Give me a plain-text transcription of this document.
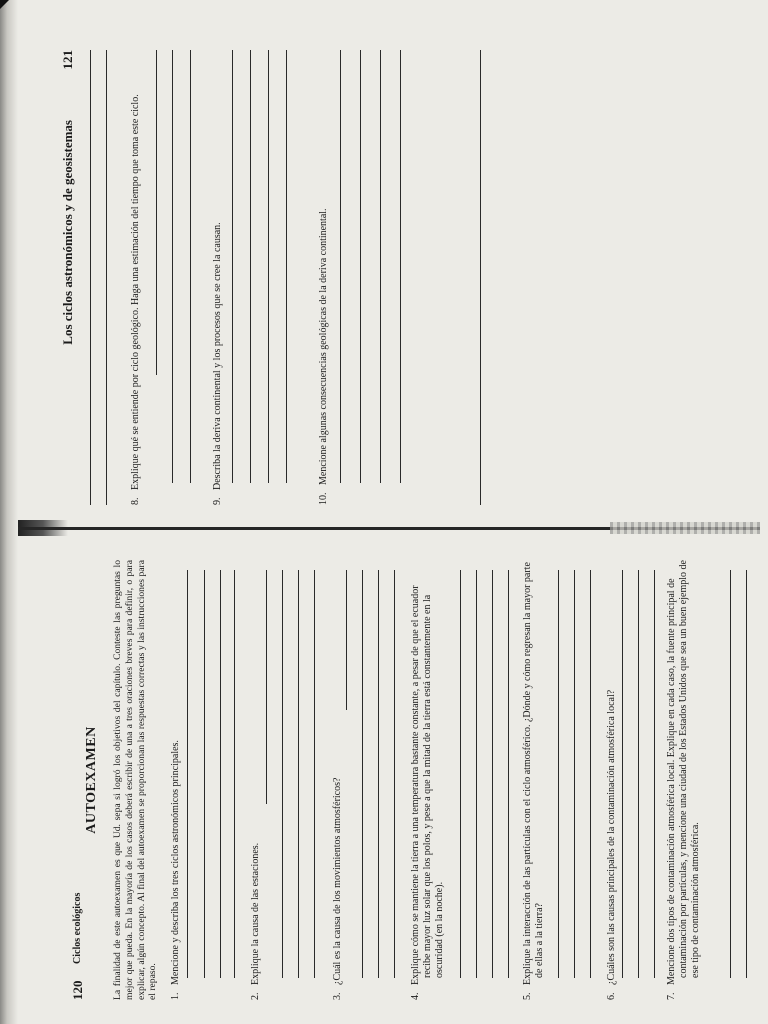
120
Ciclos ecológicos
AUTOEXAMEN La finalidad de este autoexamen es que Ud. sepa si logró los objetivos del capítulo. Conteste las preguntas lo mejor que pueda. En la mayoría de los casos deberá escribir de una a tres oraciones breves para definir, o para explicar, algún concepto. Al final del autoexamen se proporcionan las respuestas correctas y las instrucciones para el repaso. 1.   Mencione y describa los tres ciclos astronómicos principales.
2.   Explique la causa de las estaciones.
3.   ¿Cuál es la causa de los movimientos atmosféricos?
4.   Explique cómo se mantiene la tierra a una temperatura bastante constante, a pesar de que el ecuador recibe mayor luz solar que los polos, y pese a que la mitad de la tierra está constantemente en la oscuridad (en la noche).
5.   Explique la interacción de las partículas con el ciclo atmosférico. ¿Dónde y cómo regresan la mayor parte de ellas a la tierra?
6.   ¿Cuáles son las causas principales de la contaminación atmosférica local?
7.   Mencione dos tipos de contaminación atmosférica local. Explique en cada caso, la fuente principal de contaminación por partículas, y mencione una ciudad de los Estados Unidos que sea un buen ejemplo de ese tipo de contaminación atmosférica.
Los ciclos astronómicos y de geosistemas
121
8.   Explique qué se entiende por ciclo geológico. Haga una estimación del tiempo que toma este ciclo.
9.   Describa la deriva continental y los procesos que se cree la causan.
10.   Mencione algunas consecuencias geológicas de la deriva continental.
